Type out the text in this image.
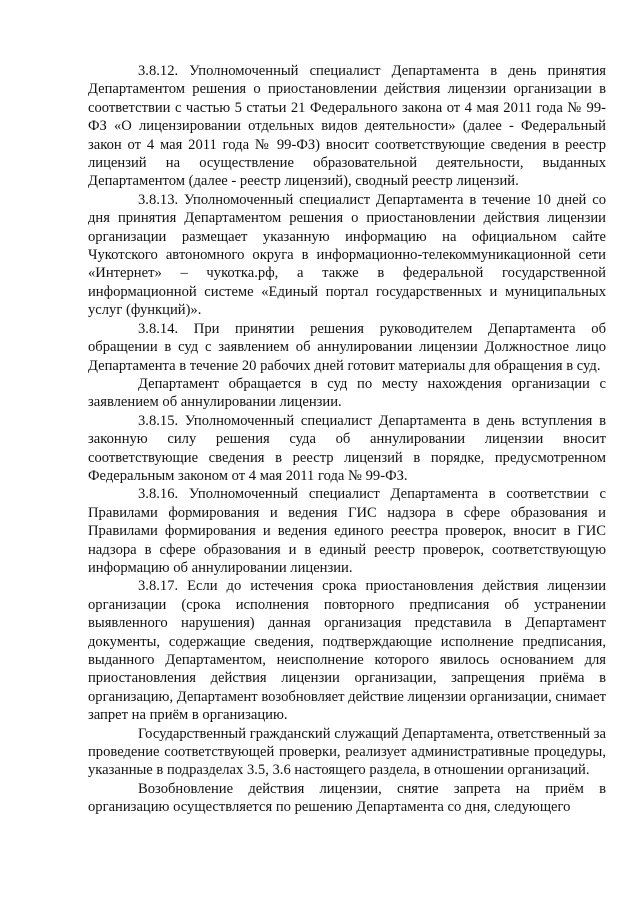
3.8.12. Уполномоченный специалист Департамента в день принятия Департаментом решения о приостановлении действия лицензии организации в соответствии с частью 5 статьи 21 Федерального закона от 4 мая 2011 года № 99-ФЗ «О лицензировании отдельных видов деятельности» (далее - Федеральный закон от 4 мая 2011 года № 99-ФЗ) вносит соответствующие сведения в реестр лицензий на осуществление образовательной деятельности, выданных Департаментом (далее - реестр лицензий), сводный реестр лицензий.

3.8.13. Уполномоченный специалист Департамента в течение 10 дней со дня принятия Департаментом решения о приостановлении действия лицензии организации размещает указанную информацию на официальном сайте Чукотского автономного округа в информационно-телекоммуникационной сети «Интернет» – чукотка.рф, а также в федеральной государственной информационной системе «Единый портал государственных и муниципальных услуг (функций)».

3.8.14. При принятии решения руководителем Департамента об обращении в суд с заявлением об аннулировании лицензии Должностное лицо Департамента в течение 20 рабочих дней готовит материалы для обращения в суд.

Департамент обращается в суд по месту нахождения организации с заявлением об аннулировании лицензии.

3.8.15. Уполномоченный специалист Департамента в день вступления в законную силу решения суда об аннулировании лицензии вносит соответствующие сведения в реестр лицензий в порядке, предусмотренном Федеральным законом от 4 мая 2011 года № 99-ФЗ.

3.8.16. Уполномоченный специалист Департамента в соответствии с Правилами формирования и ведения ГИС надзора в сфере образования и Правилами формирования и ведения единого реестра проверок, вносит в ГИС надзора в сфере образования и в единый реестр проверок, соответствующую информацию об аннулировании лицензии.

3.8.17. Если до истечения срока приостановления действия лицензии организации (срока исполнения повторного предписания об устранении выявленного нарушения) данная организация представила в Департамент документы, содержащие сведения, подтверждающие исполнение предписания, выданного Департаментом, неисполнение которого явилось основанием для приостановления действия лицензии организации, запрещения приёма в организацию, Департамент возобновляет действие лицензии организации, снимает запрет на приём в организацию.

Государственный гражданский служащий Департамента, ответственный за проведение соответствующей проверки, реализует административные процедуры, указанные в подразделах 3.5, 3.6 настоящего раздела, в отношении организаций.

Возобновление действия лицензии, снятие запрета на приём в организацию осуществляется по решению Департамента со дня, следующего
